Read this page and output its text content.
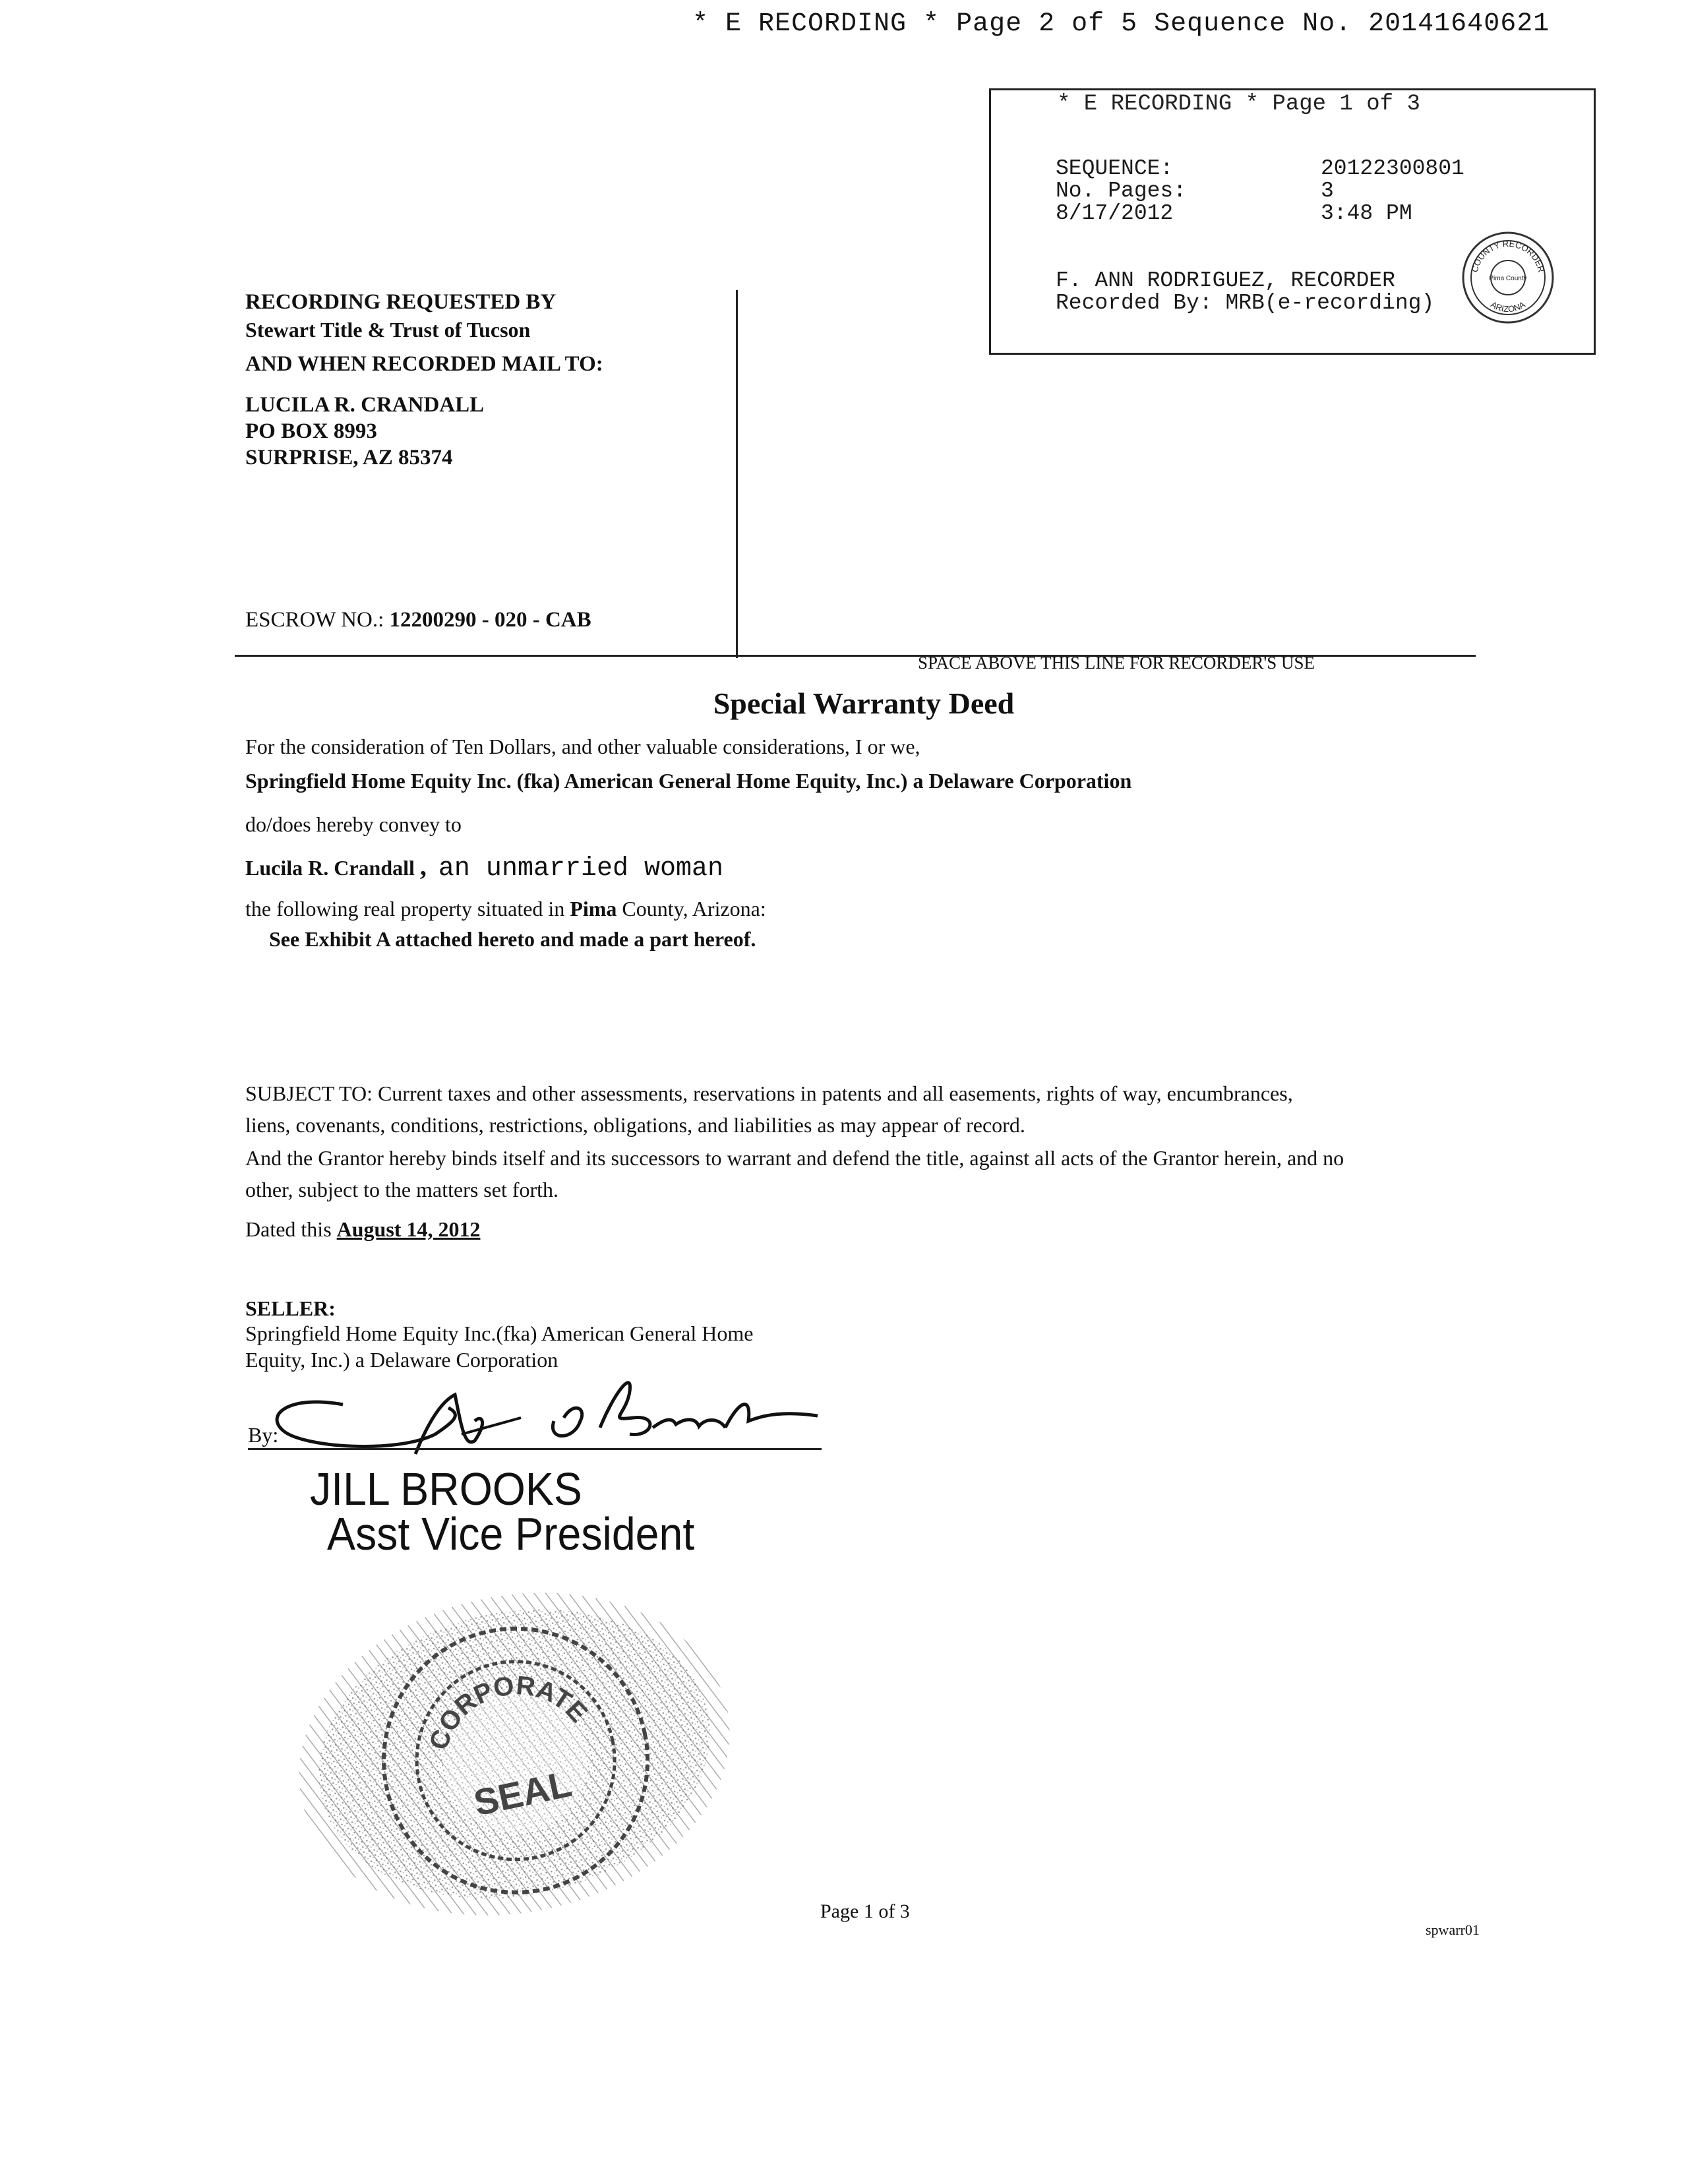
* E RECORDING * Page 2 of 5 Sequence No. 20141640621
* E RECORDING * Page 1 of 3
SEQUENCE:	20122300801
No. Pages:	3
8/17/2012	3:48 PM
F. ANN RODRIGUEZ, RECORDER
Recorded By: MRB(e-recording)
COUNTY RECORDER
ARIZONA
Pima County
RECORDING REQUESTED BY
Stewart Title & Trust of Tucson
AND WHEN RECORDED MAIL TO:
LUCILA R. CRANDALL
PO BOX 8993
SURPRISE, AZ 85374
ESCROW NO.: 12200290 - 020 - CAB
SPACE ABOVE THIS LINE FOR RECORDER'S USE
Special Warranty Deed
For the consideration of Ten Dollars, and other valuable considerations, I or we,
Springfield Home Equity Inc. (fka) American General Home Equity, Inc.) a Delaware Corporation
do/does hereby convey to
Lucila R. Crandall , an unmarried woman
the following real property situated in Pima County, Arizona:
See Exhibit A attached hereto and made a part hereof.
SUBJECT TO: Current taxes and other assessments, reservations in patents and all easements, rights of way, encumbrances,
liens, covenants, conditions, restrictions, obligations, and liabilities as may appear of record.
And the Grantor hereby binds itself and its successors to warrant and defend the title, against all acts of the Grantor herein, and no
other, subject to the matters set forth.
Dated this August 14, 2012
SELLER:
Springfield Home Equity Inc.(fka) American General Home
Equity, Inc.) a Delaware Corporation
By:
JILL BROOKS
Asst Vice President
CORPORATE
SEAL
Page 1 of 3
spwarr01
